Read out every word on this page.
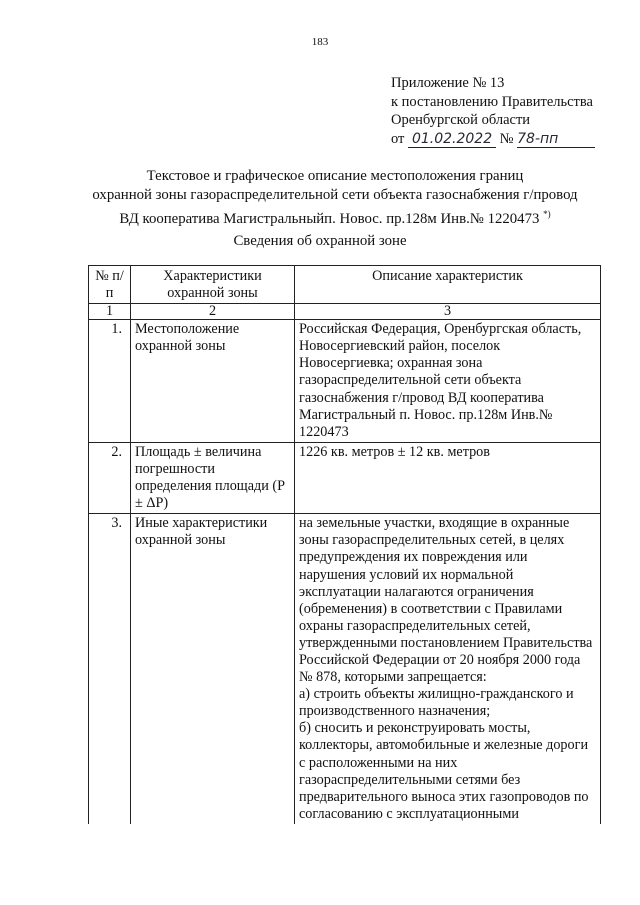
183
Приложение № 13
к постановлению Правительства
Оренбургской области
от 01.02.2022 № 78-пп
Текстовое и графическое описание местоположения границ
охранной зоны газораспределительной сети объекта газоснабжения г/провод
ВД кооператива Магистральныйп. Новос. пр.128м Инв.№ 1220473 *)
Сведения об охранной зоне
№ п/п	Характеристики охранной зоны	Описание характеристик
1	2	3
1.	Местоположение охранной зоны	Российская Федерация, Оренбургская область, Новосергиевский район, поселок Новосергиевка; охранная зона газораспределительной сети объекта газоснабжения г/провод ВД кооператива Магистральный п. Новос. пр.128м Инв.№ 1220473
2.	Площадь ± величина погрешности определения площади (P ± ΔP)	1226 кв. метров ± 12 кв. метров
3.	Иные характеристики охранной зоны	на земельные участки, входящие в охранные зоны газораспределительных сетей, в целях предупреждения их повреждения или нарушения условий их нормальной эксплуатации налагаются ограничения (обременения) в соответствии с Правилами охраны газораспределительных сетей, утвержденными постановлением Правительства Российской Федерации от 20 ноября 2000 года № 878, которыми запрещается:
а) строить объекты жилищно-гражданского и производственного назначения;
б) сносить и реконструировать мосты, коллекторы, автомобильные и железные дороги с расположенными на них газораспределительными сетями без предварительного выноса этих газопроводов по согласованию с эксплуатационными
